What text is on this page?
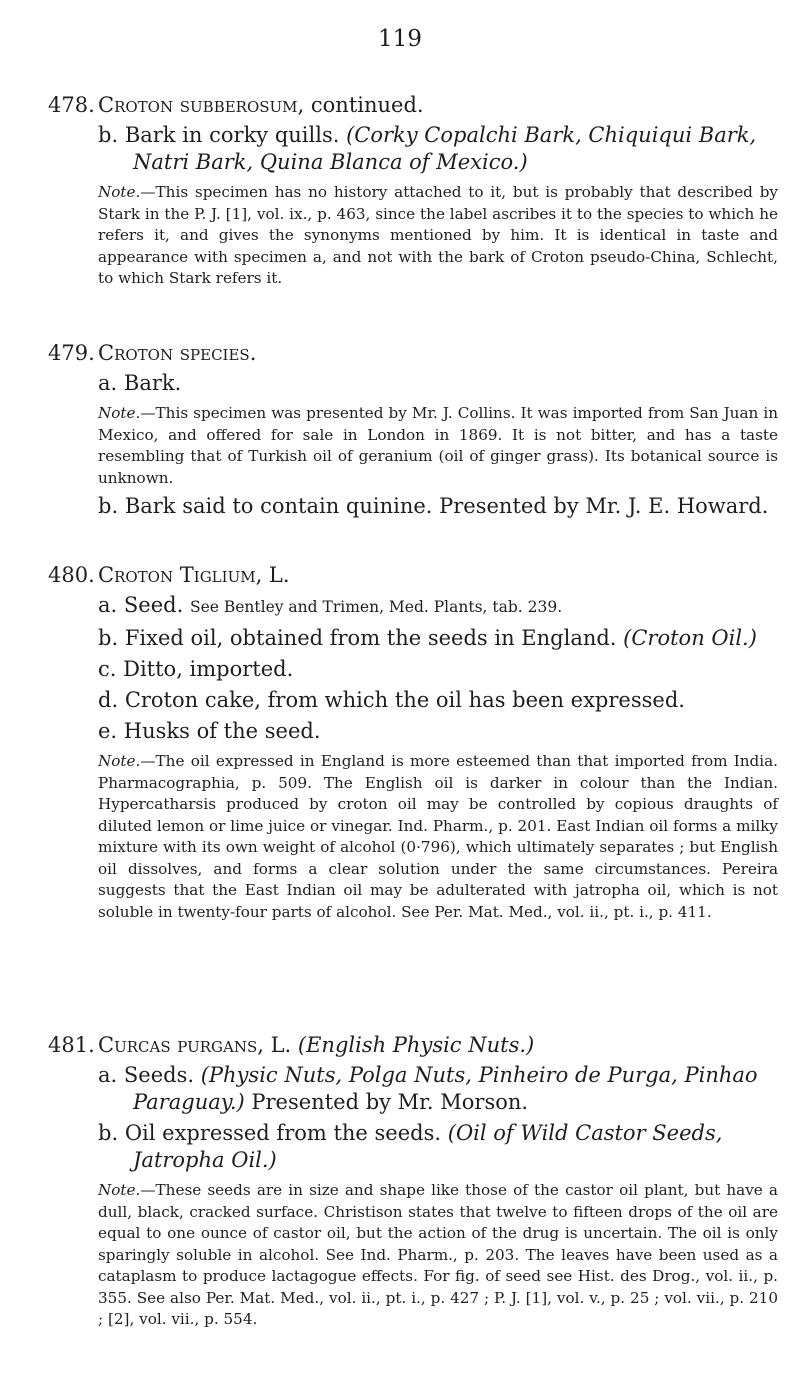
119
478. Croton subberosum, continued.
b. Bark in corky quills. (Corky Copalchi Bark, Chiquiqui Bark, Natri Bark, Quina Blanca of Mexico.)
Note.—This specimen has no history attached to it, but is probably that described by Stark in the P. J. [1], vol. ix., p. 463, since the label ascribes it to the species to which he refers it, and gives the synonyms mentioned by him. It is identical in taste and appearance with specimen a, and not with the bark of Croton pseudo-China, Schlecht, to which Stark refers it.
479. Croton species.
a. Bark.
Note.—This specimen was presented by Mr. J. Collins. It was imported from San Juan in Mexico, and offered for sale in London in 1869. It is not bitter, and has a taste resembling that of Turkish oil of geranium (oil of ginger grass). Its botanical source is unknown.
b. Bark said to contain quinine. Presented by Mr. J. E. Howard.
480. Croton Tiglium, L.
a. Seed. See Bentley and Trimen, Med. Plants, tab. 239.
b. Fixed oil, obtained from the seeds in England. (Croton Oil.)
c. Ditto, imported.
d. Croton cake, from which the oil has been expressed.
e. Husks of the seed.
Note.—The oil expressed in England is more esteemed than that imported from India. Pharmacographia, p. 509. The English oil is darker in colour than the Indian. Hypercatharsis produced by croton oil may be controlled by copious draughts of diluted lemon or lime juice or vinegar. Ind. Pharm., p. 201. East Indian oil forms a milky mixture with its own weight of alcohol (0·796), which ultimately separates ; but English oil dissolves, and forms a clear solution under the same circumstances. Pereira suggests that the East Indian oil may be adulterated with jatropha oil, which is not soluble in twenty-four parts of alcohol. See Per. Mat. Med., vol. ii., pt. i., p. 411.
481. Curcas purgans, L. (English Physic Nuts.)
a. Seeds. (Physic Nuts, Polga Nuts, Pinheiro de Purga, Pinhao Paraguay.) Presented by Mr. Morson.
b. Oil expressed from the seeds. (Oil of Wild Castor Seeds, Jatropha Oil.)
Note.—These seeds are in size and shape like those of the castor oil plant, but have a dull, black, cracked surface. Christison states that twelve to fifteen drops of the oil are equal to one ounce of castor oil, but the action of the drug is uncertain. The oil is only sparingly soluble in alcohol. See Ind. Pharm., p. 203. The leaves have been used as a cataplasm to produce lactagogue effects. For fig. of seed see Hist. des Drog., vol. ii., p. 355. See also Per. Mat. Med., vol. ii., pt. i., p. 427 ; P. J. [1], vol. v., p. 25 ; vol. vii., p. 210 ; [2], vol. vii., p. 554.
